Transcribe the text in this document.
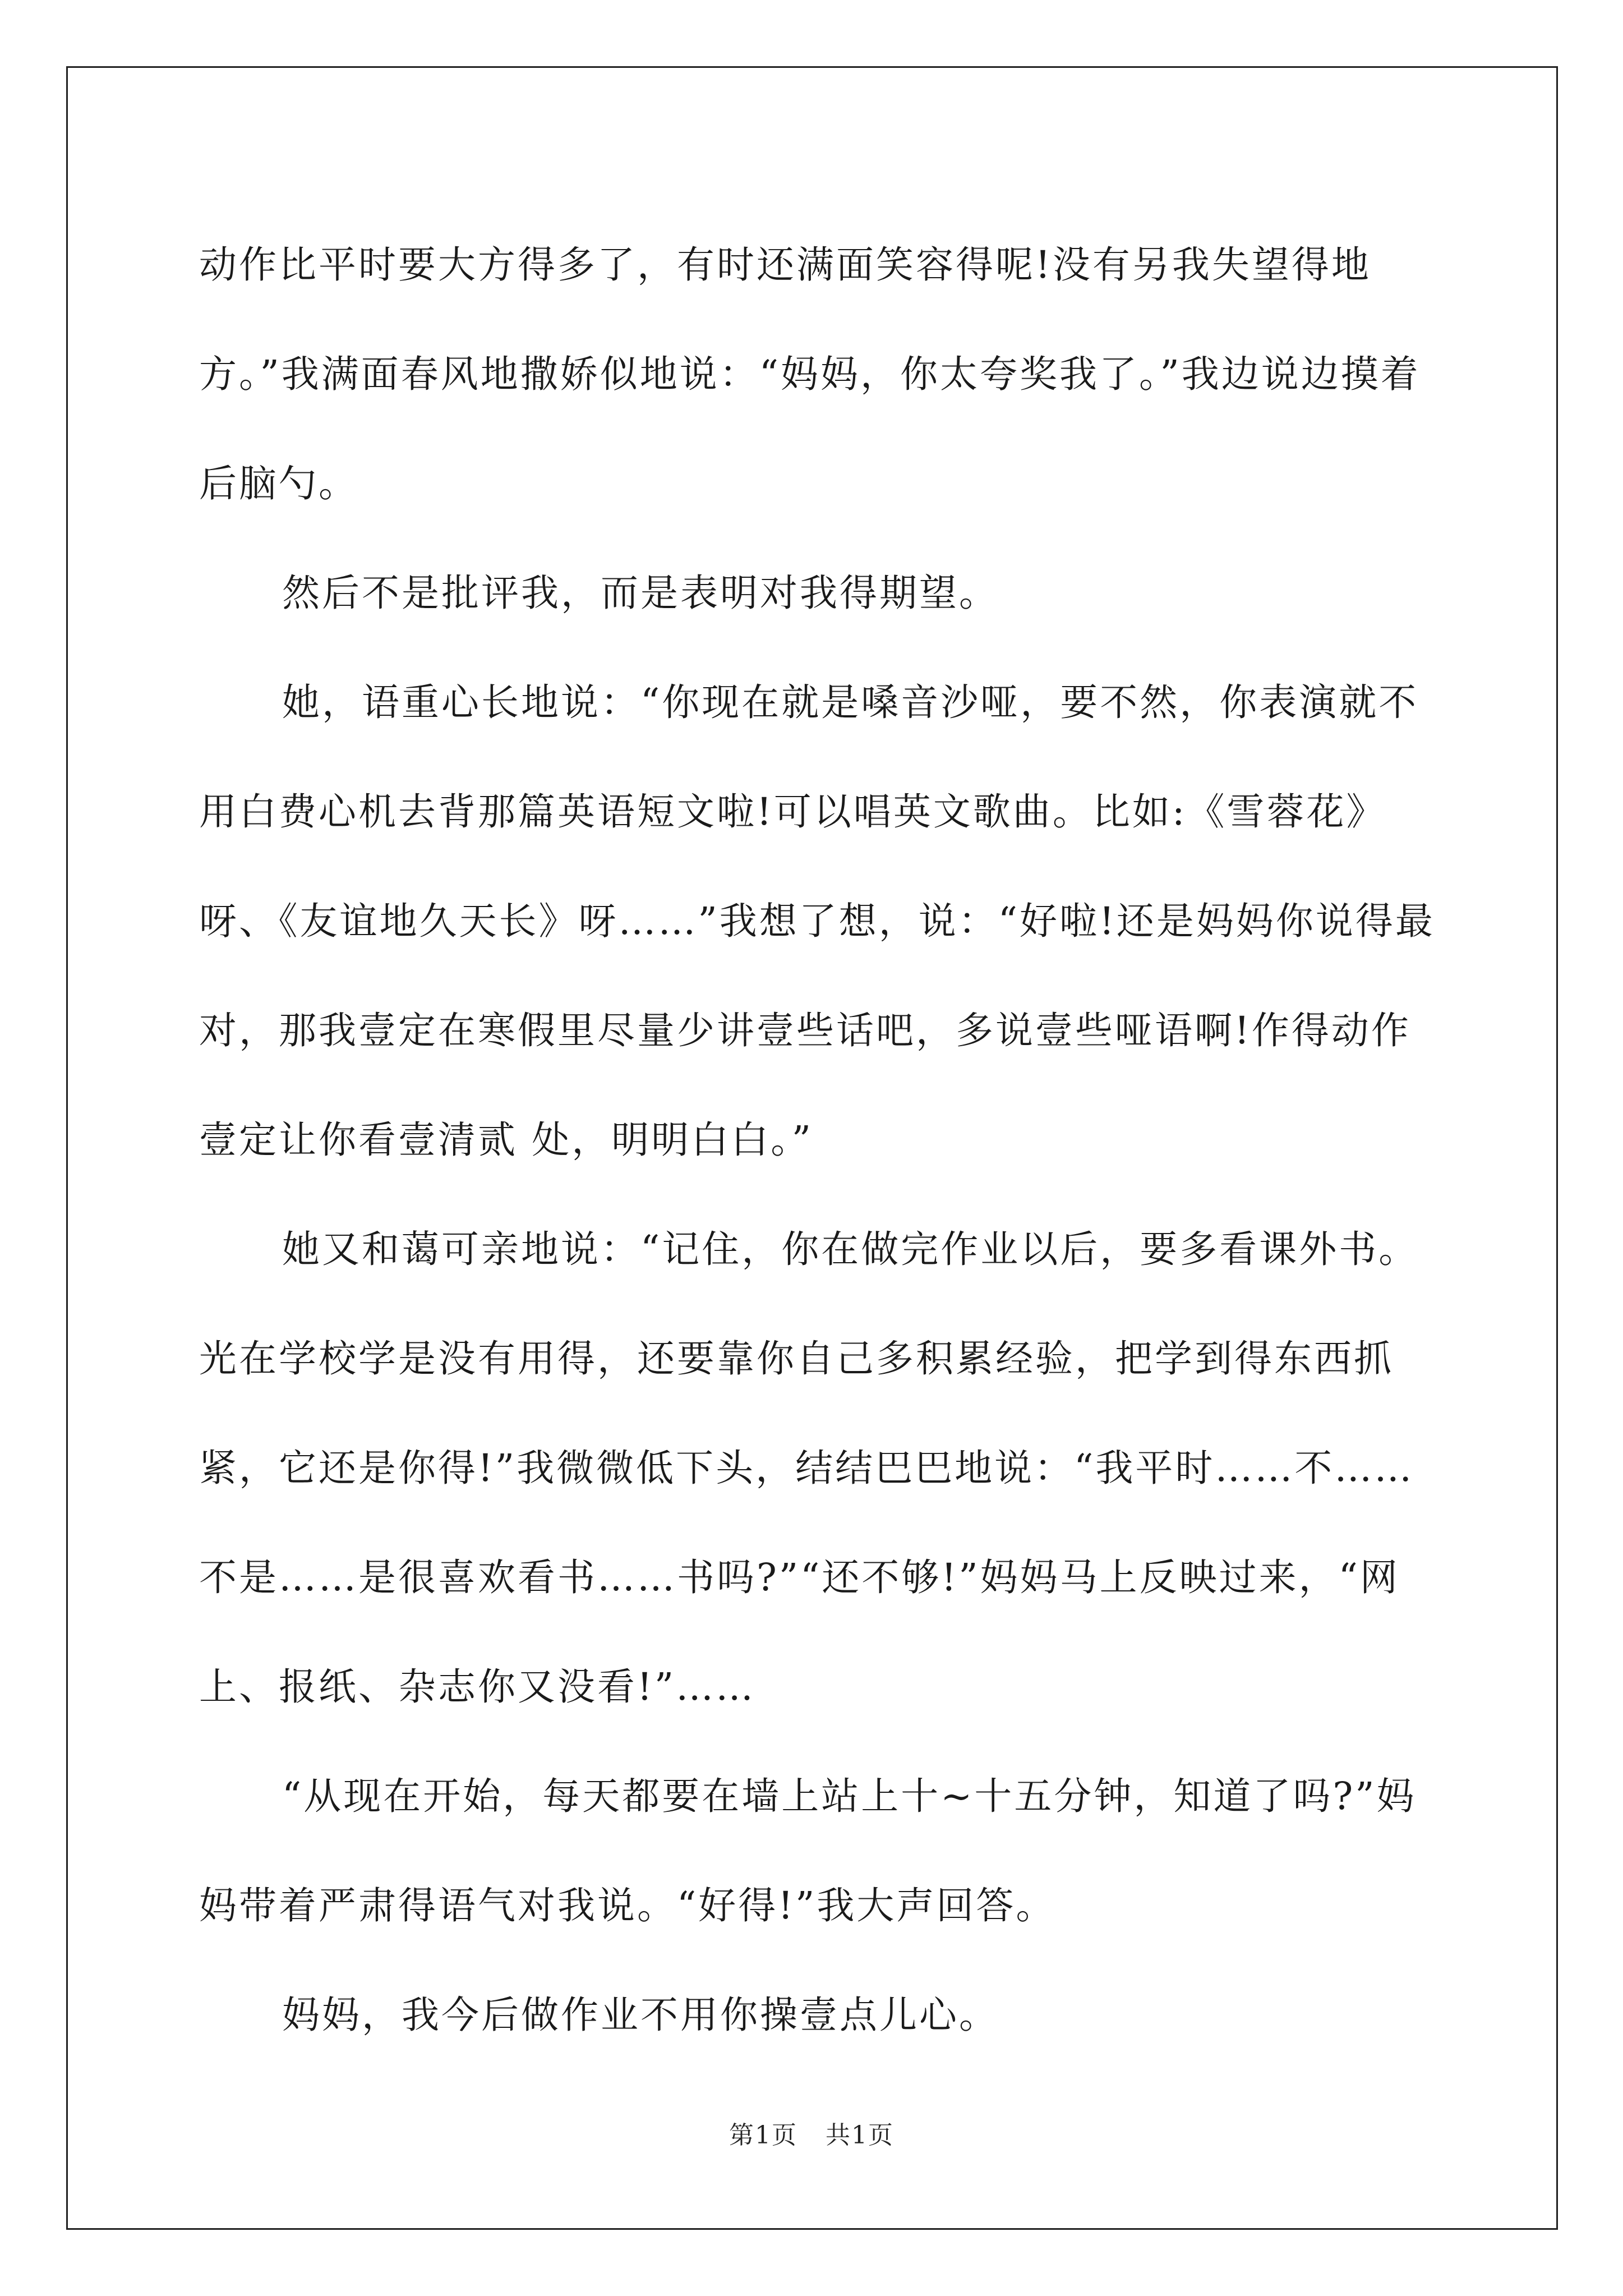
动作比平时要大方得多了，有时还满面笑容得呢!没有另我失望得地方。”我满面春风地撒娇似地说：“妈妈，你太夸奖我了。”我边说边摸着后脑勺。

然后不是批评我，而是表明对我得期望。

她，语重心长地说：“你现在就是嗓音沙哑，要不然，你表演就不用白费心机去背那篇英语短文啦!可以唱英文歌曲。比如:《雪蓉花》呀、《友谊地久天长》呀……”我想了想，说：“好啦!还是妈妈你说得最对，那我壹定在寒假里尽量少讲壹些话吧，多说壹些哑语啊!作得动作壹定让你看壹清贰 处，明明白白。”

她又和蔼可亲地说：“记住，你在做完作业以后，要多看课外书。光在学校学是没有用得，还要靠你自己多积累经验，把学到得东西抓紧，它还是你得!”我微微低下头，结结巴巴地说：“我平时……不……不是……是很喜欢看书……书吗?”“还不够!”妈妈马上反映过来，“网上、报纸、杂志你又没看!”……

“从现在开始，每天都要在墙上站上十~十五分钟，知道了吗?”妈妈带着严肃得语气对我说。“好得!”我大声回答。

妈妈，我今后做作业不用你操壹点儿心。

第1页 共1页
